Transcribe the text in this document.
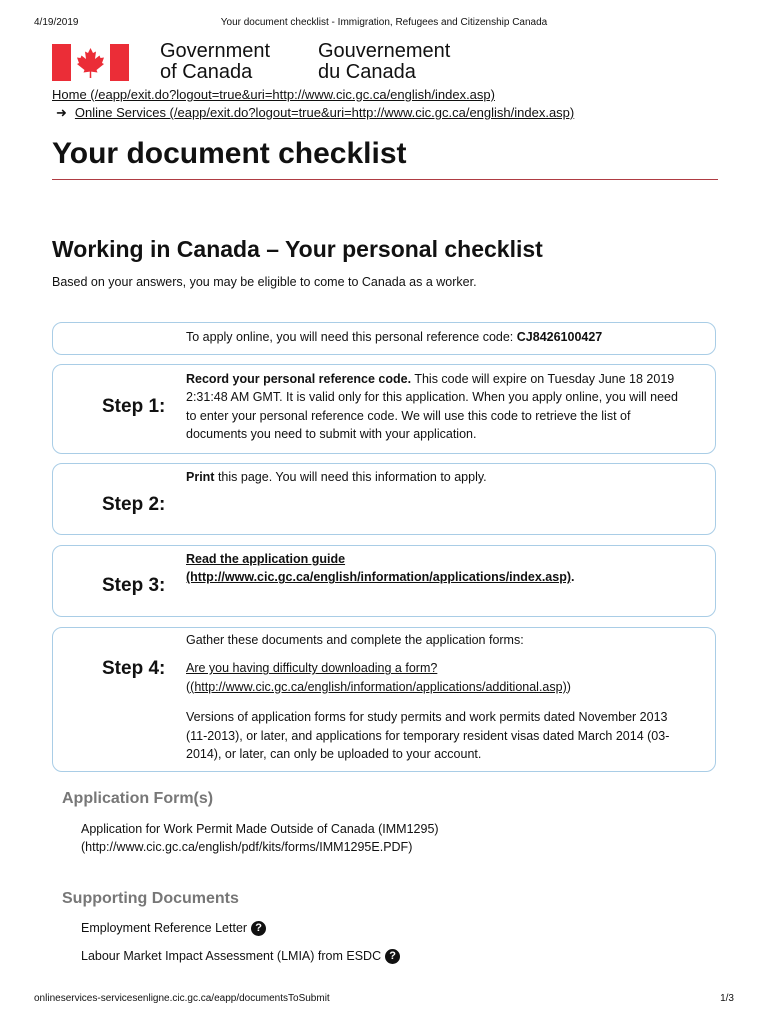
4/19/2019	Your document checklist - Immigration, Refugees and Citizenship Canada
Government
of Canada
Gouvernement
du Canada
Home (/eapp/exit.do?logout=true&uri=http://www.cic.gc.ca/english/index.asp)
➜ Online Services (/eapp/exit.do?logout=true&uri=http://www.cic.gc.ca/english/index.asp)
Your document checklist
Working in Canada – Your personal checklist
Based on your answers, you may be eligible to come to Canada as a worker.
To apply online, you will need this personal reference code: CJ8426100427
Step 1:

Record your personal reference code. This code will expire on Tuesday June 18 2019 2:31:48 AM GMT. It is valid only for this application. When you apply online, you will need to enter your personal reference code. We will use this code to retrieve the list of documents you need to submit with your application.

Step 2:

Print this page. You will need this information to apply.

Step 3:

Read the application guide
(http://www.cic.gc.ca/english/information/applications/index.asp).

Step 4:

Gather these documents and complete the application forms:

Are you having difficulty downloading a form?
((http://www.cic.gc.ca/english/information/applications/additional.asp))

Versions of application forms for study permits and work permits dated November 2013 (11-2013), or later, and applications for temporary resident visas dated March 2014 (03-2014), or later, can only be uploaded to your account.

Application Form(s)
Application for Work Permit Made Outside of Canada (IMM1295)
(http://www.cic.gc.ca/english/pdf/kits/forms/IMM1295E.PDF)
Supporting Documents
Employment Reference Letter ?
Labour Market Impact Assessment (LMIA) from ESDC ?
onlineservices-servicesenligne.cic.gc.ca/eapp/documentsToSubmit	1/3
